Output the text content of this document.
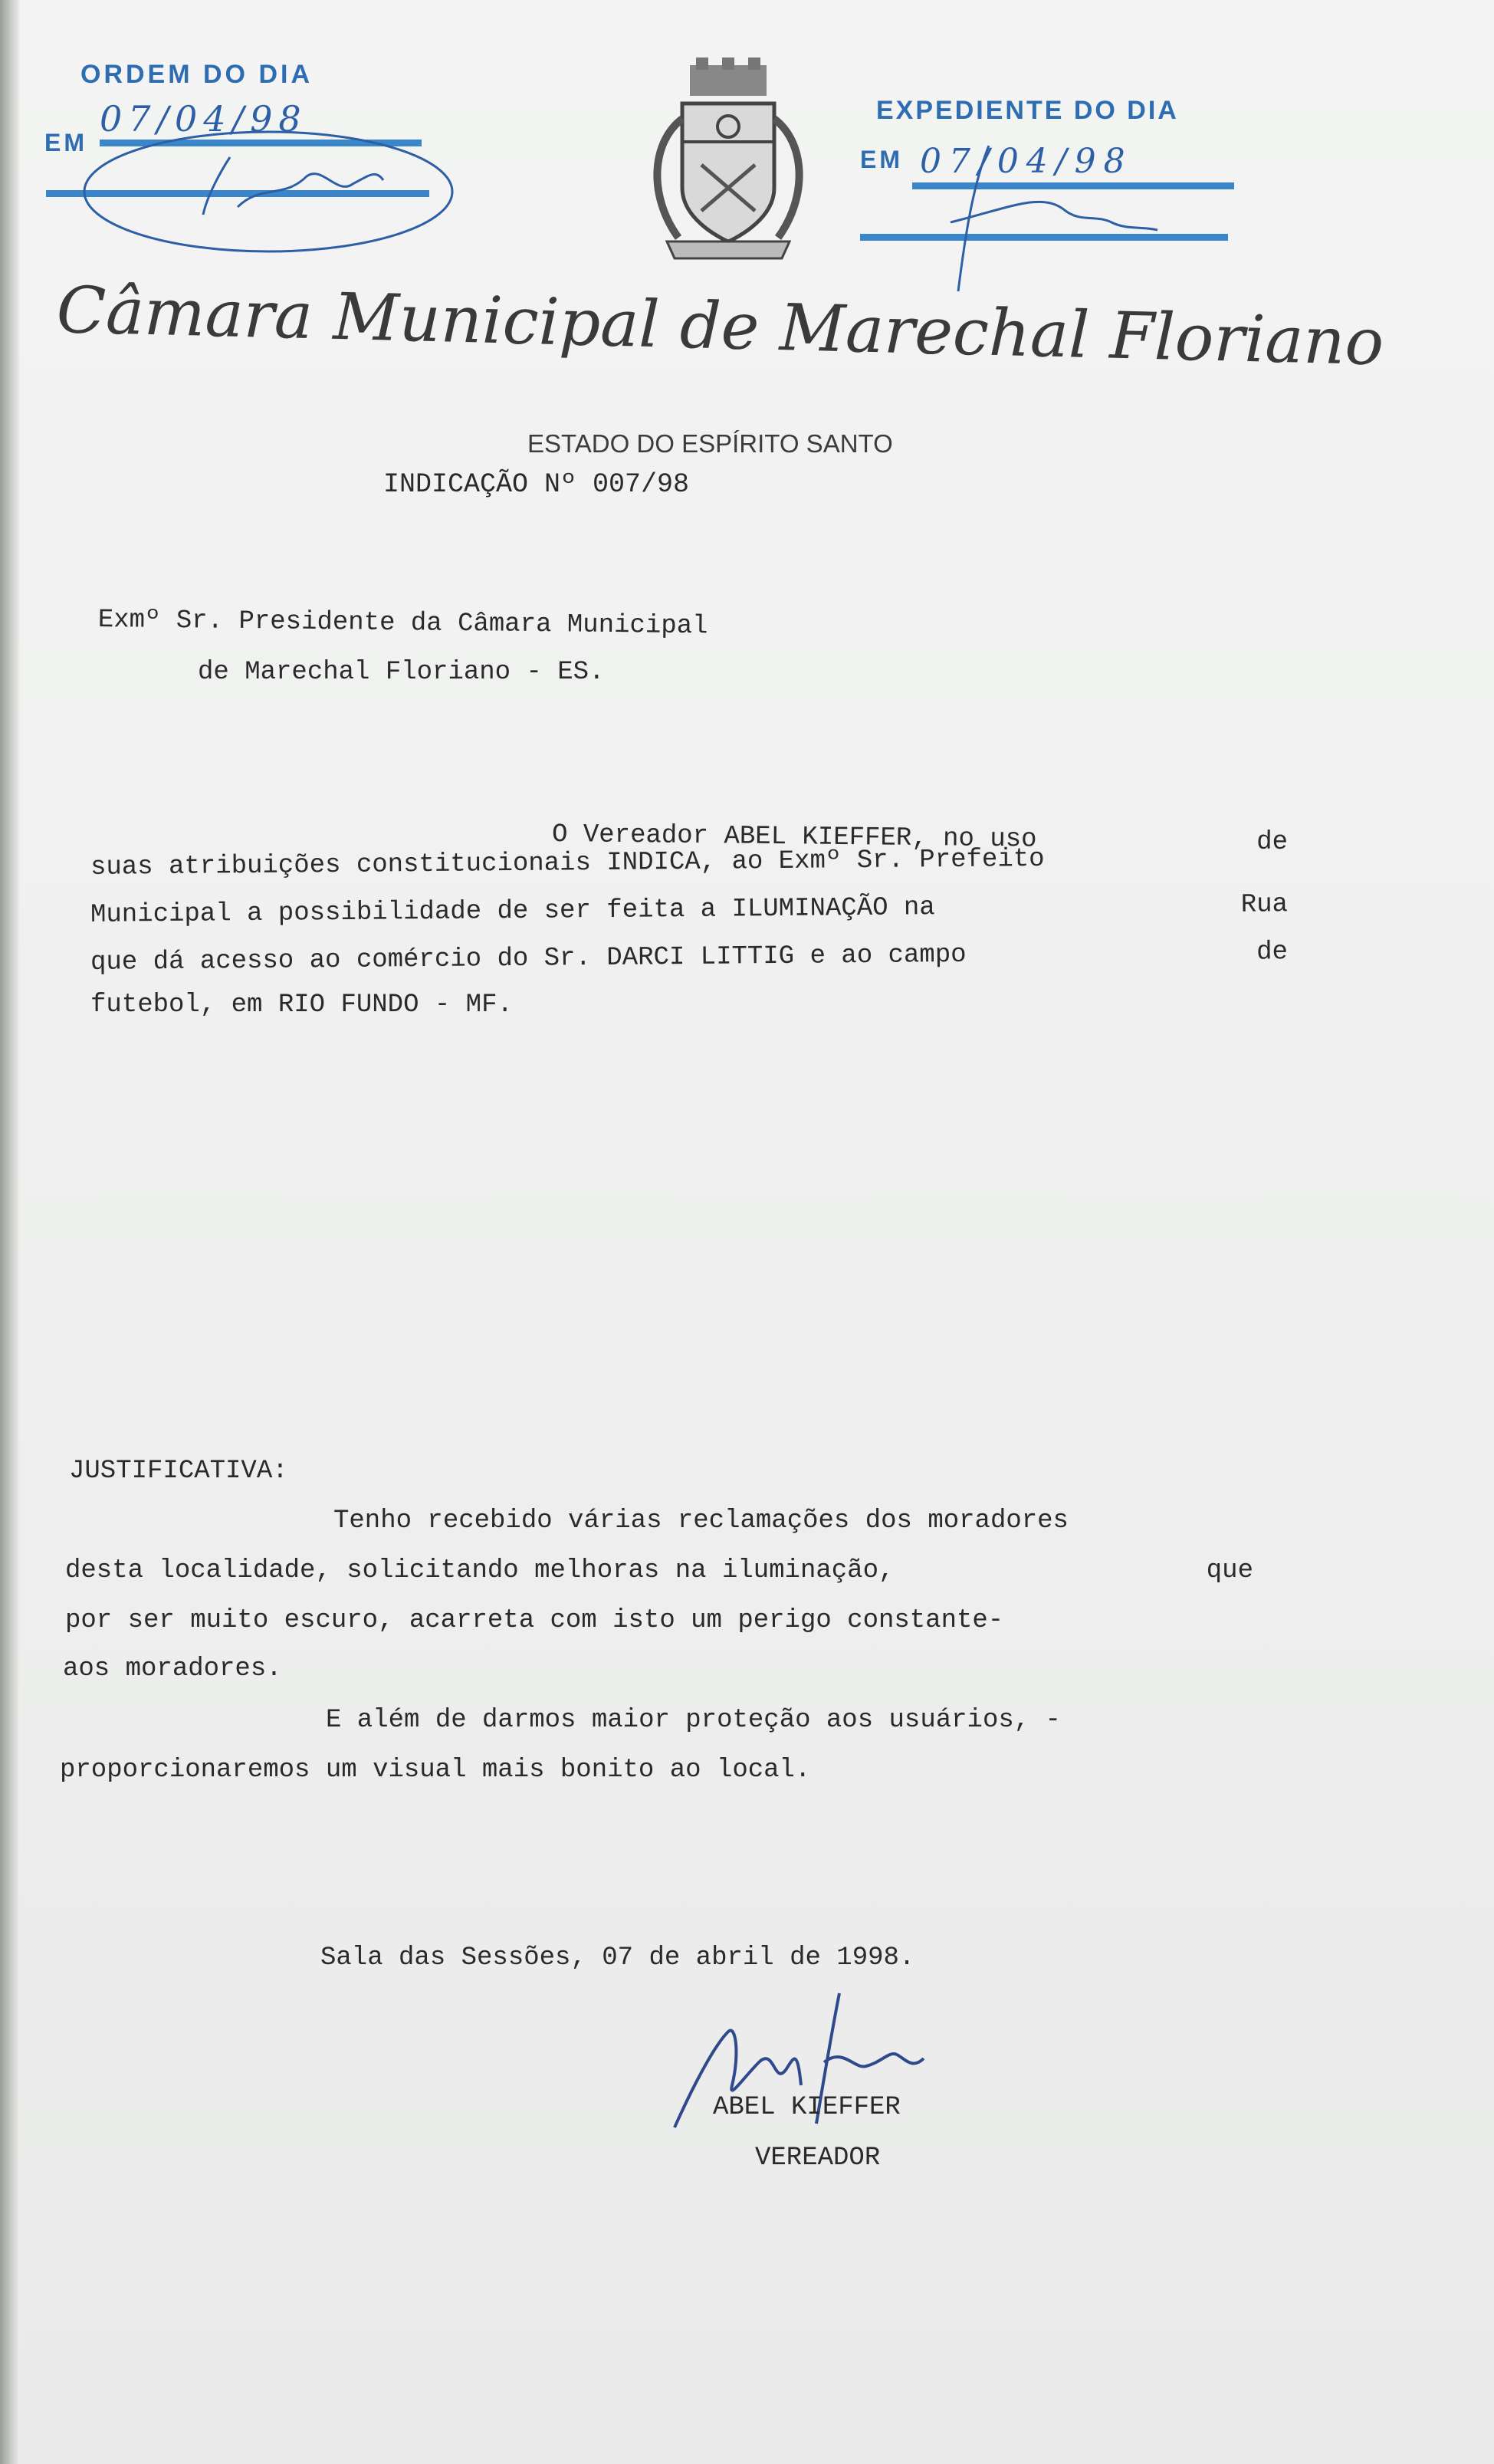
ORDEM DO DIA
EM
07/04/98	EXPEDIENTE DO DIA
EM 07/04/98
Câmara Municipal de Marechal Floriano
ESTADO DO ESPÍRITO SANTO
INDICAÇÃO Nº 007/98
Exmº Sr. Presidente da Câmara Municipal
de Marechal Floriano - ES.
O Vereador ABEL KIEFFER, no uso	de
suas atribuições constitucionais INDICA, ao Exmº Sr. Prefeito
Municipal a possibilidade de ser feita a ILUMINAÇÃO na	Rua
que dá acesso ao comércio do Sr. DARCI LITTIG e ao campo	de
futebol, em RIO FUNDO - MF.
JUSTIFICATIVA:
Tenho recebido várias reclamações dos moradores
desta localidade, solicitando melhoras na iluminação,	que
por ser muito escuro, acarreta com isto um perigo constante-
aos moradores.
E além de darmos maior proteção aos usuários, -
proporcionaremos um visual mais bonito ao local.
Sala das Sessões, 07 de abril de 1998.
ABEL KIEFFER
VEREADOR
